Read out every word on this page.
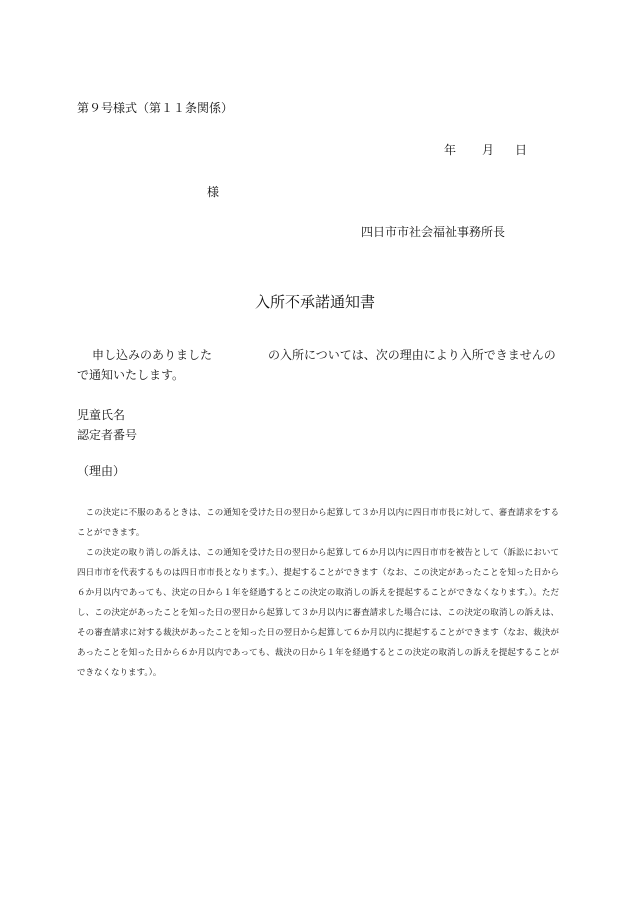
第９号様式（第１１条関係）
年 月 日
様
四日市市社会福祉事務所長
入所不承諾通知書
申し込みのありました	の入所については、次の理由により入所できませんの
で通知いたします。
児童氏名
認定者番号
（理由）

この決定に不服のあるときは、この通知を受けた日の翌日から起算して３か月以内に四日市市長に対して、審査請求をすることができます。

この決定の取り消しの訴えは、この通知を受けた日の翌日から起算して６か月以内に四日市市を被告として（訴訟において四日市市を代表するものは四日市市長となります。）、提起することができます（なお、この決定があったことを知った日から６か月以内であっても、決定の日から１年を経過するとこの決定の取消しの訴えを提起することができなくなります。）。ただし、この決定があったことを知った日の翌日から起算して３か月以内に審査請求した場合には、この決定の取消しの訴えは、その審査請求に対する裁決があったことを知った日の翌日から起算して６か月以内に提起することができます（なお、裁決があったことを知った日から６か月以内であっても、裁決の日から１年を経過するとこの決定の取消しの訴えを提起することができなくなります。）。
